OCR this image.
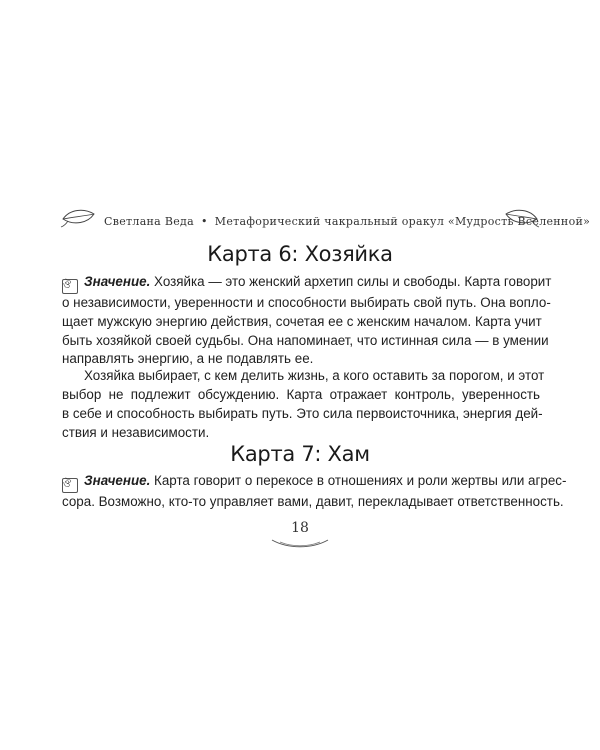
Светлана Веда • Метафорический чакральный оракул «Мудрость Вселенной»
Карта 6: Хозяйка

ঔ Значение. Хозяйка — это женский архетип силы и свободы. Карта говорит
о независимости, уверенности и способности выбирать свой путь. Она вопло-
щает мужскую энергию действия, сочетая ее с женским началом. Карта учит
быть хозяйкой своей судьбы. Она напоминает, что истинная сила — в умении
направлять энергию, а не подавлять ее.

Хозяйка выбирает, с кем делить жизнь, а кого оставить за порогом, и этот

выбор не подлежит обсуждению. Карта отражает контроль, уверенность
в себе и способность выбирать путь. Это сила первоисточника, энергия дей-
ствия и независимости.

Карта 7: Хам

ঔ Значение. Карта говорит о перекосе в отношениях и роли жертвы или агрес-
сора. Возможно, кто-то управляет вами, давит, перекладывает ответственность.

18
